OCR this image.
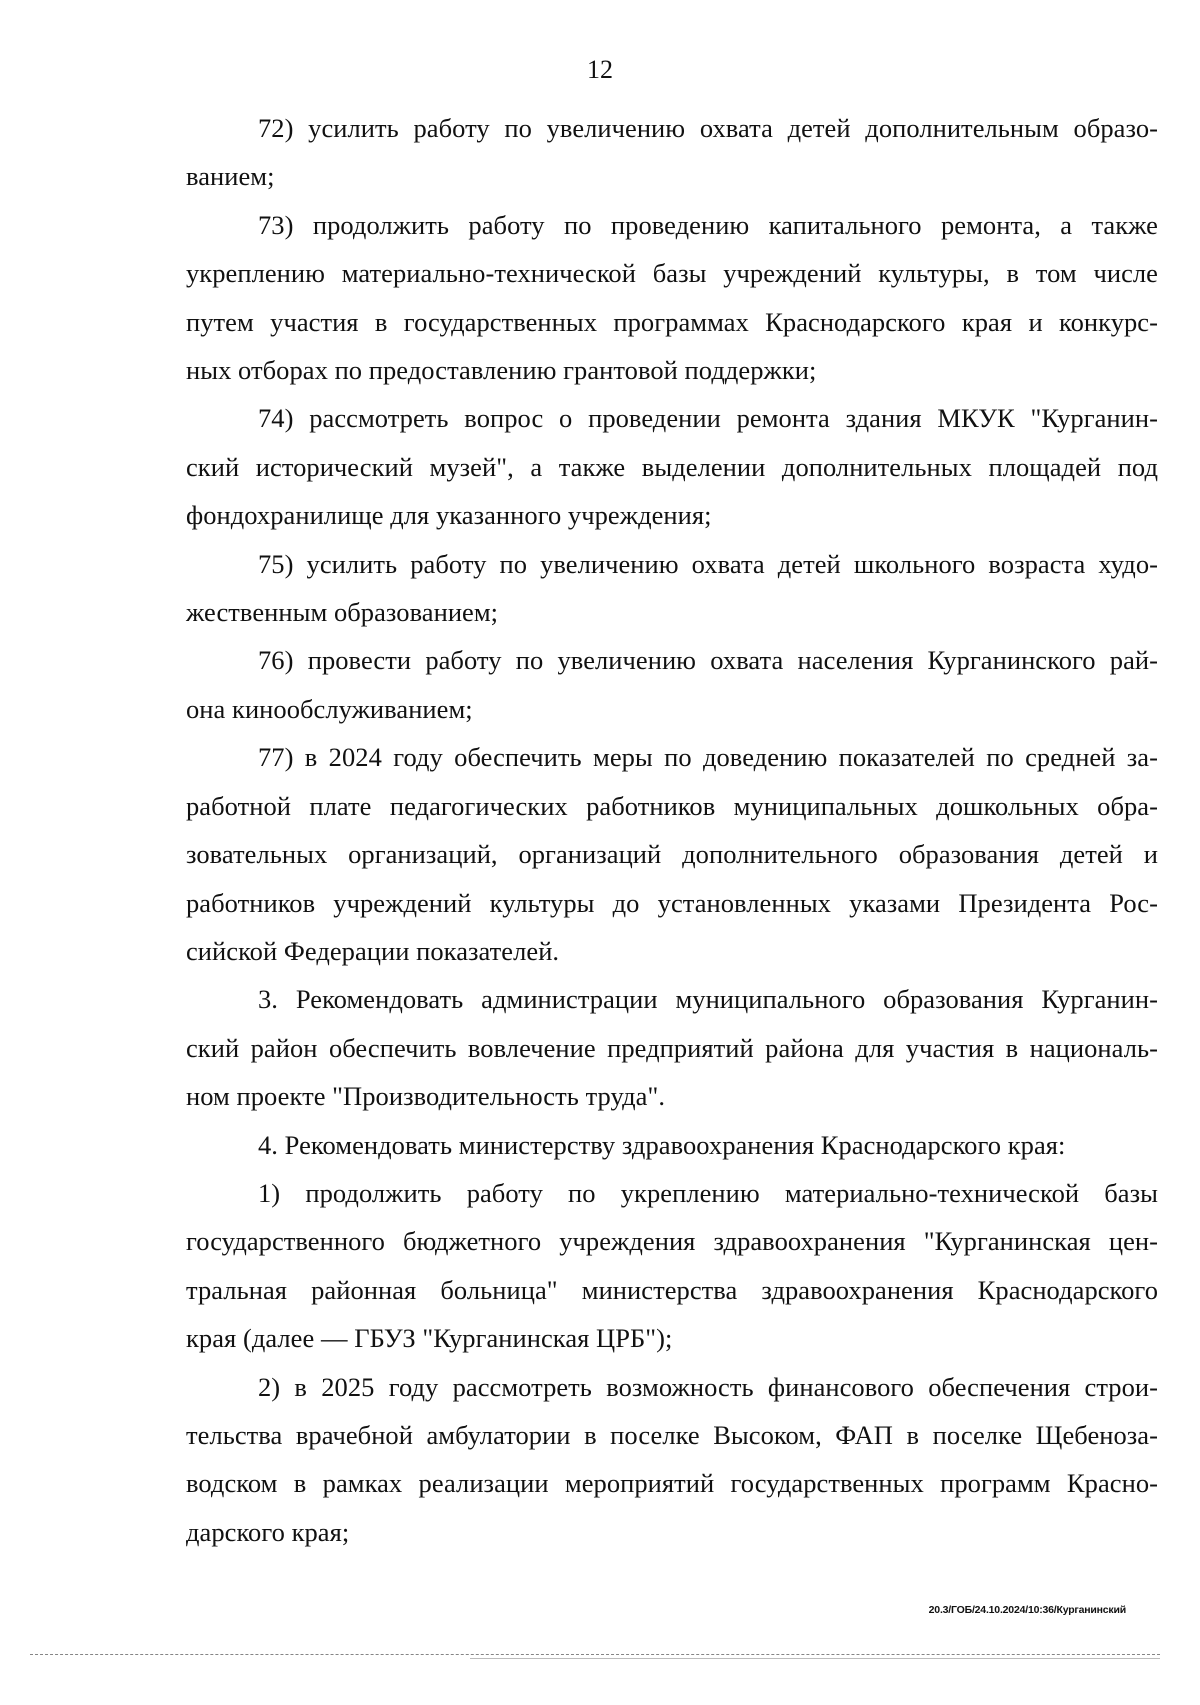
12

72) усилить работу по увеличению охвата детей дополнительным образо-
ванием;

73) продолжить работу по проведению капитального ремонта, а также
укреплению материально-технической базы учреждений культуры, в том числе
путем участия в государственных программах Краснодарского края и конкурс-
ных отборах по предоставлению грантовой поддержки;

74) рассмотреть вопрос о проведении ремонта здания МКУК "Курганин-
ский исторический музей", а также выделении дополнительных площадей под
фондохранилище для указанного учреждения;

75) усилить работу по увеличению охвата детей школьного возраста худо-
жественным образованием;

76) провести работу по увеличению охвата населения Курганинского рай-
она кинообслуживанием;

77) в 2024 году обеспечить меры по доведению показателей по средней за-
работной плате педагогических работников муниципальных дошкольных обра-
зовательных организаций, организаций дополнительного образования детей и
работников учреждений культуры до установленных указами Президента Рос-
сийской Федерации показателей.

3. Рекомендовать администрации муниципального образования Курганин-
ский район обеспечить вовлечение предприятий района для участия в националь-
ном проекте "Производительность труда".

4. Рекомендовать министерству здравоохранения Краснодарского края:

1) продолжить работу по укреплению материально-технической базы
государственного бюджетного учреждения здравоохранения "Курганинская цен-
тральная районная больница" министерства здравоохранения Краснодарского
края (далее — ГБУЗ "Курганинская ЦРБ");

2) в 2025 году рассмотреть возможность финансового обеспечения строи-
тельства врачебной амбулатории в поселке Высоком, ФАП в поселке Щебеноза-
водском в рамках реализации мероприятий государственных программ Красно-
дарского края;

20.3/ГОБ/24.10.2024/10:36/Курганинский
